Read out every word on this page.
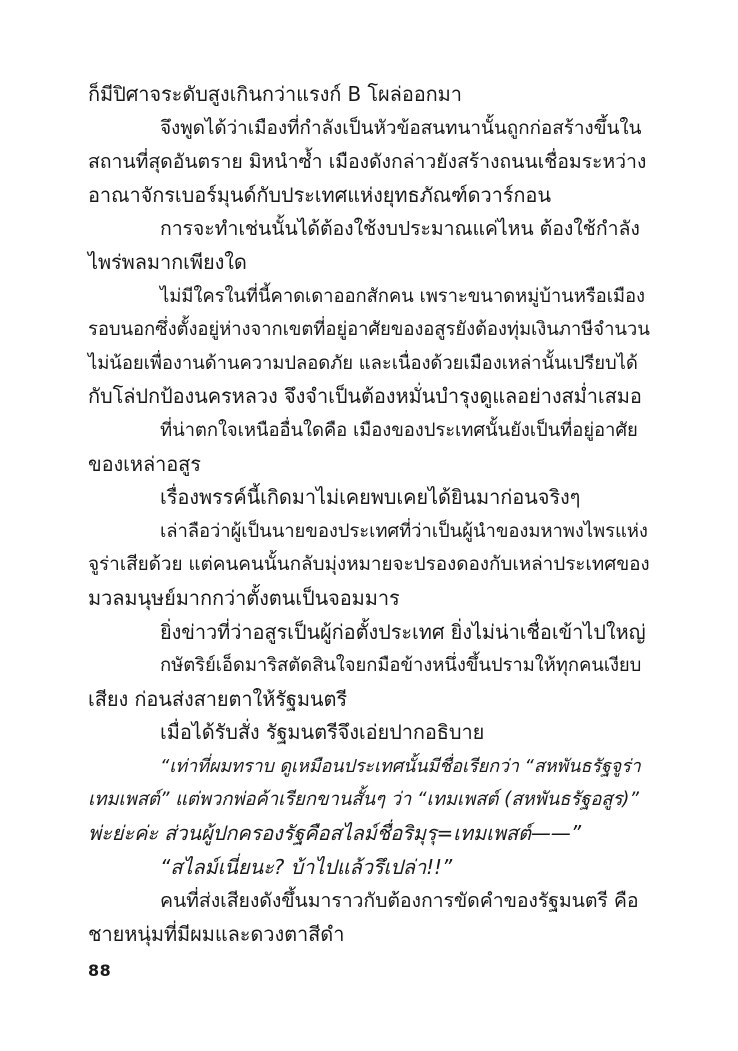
ก็มีปิศาจระดับสูงเกินกว่าแรงก์ B โผล่ออกมา
จึงพูดได้ว่าเมืองที่กำลังเป็นหัวข้อสนทนานั้นถูกก่อสร้างขึ้นใน
สถานที่สุดอันตราย มิหนำซ้ำ เมืองดังกล่าวยังสร้างถนนเชื่อมระหว่าง
อาณาจักรเบอร์มุนด์กับประเทศแห่งยุทธภัณฑ์ดวาร์กอน
การจะทำเช่นนั้นได้ต้องใช้งบประมาณแค่ไหน ต้องใช้กำลัง
ไพร่พลมากเพียงใด
ไม่มีใครในที่นี้คาดเดาออกสักคน เพราะขนาดหมู่บ้านหรือเมือง
รอบนอกซึ่งตั้งอยู่ห่างจากเขตที่อยู่อาศัยของอสูรยังต้องทุ่มเงินภาษีจำนวน
ไม่น้อยเพื่องานด้านความปลอดภัย และเนื่องด้วยเมืองเหล่านั้นเปรียบได้
กับโล่ปกป้องนครหลวง จึงจำเป็นต้องหมั่นบำรุงดูแลอย่างสม่ำเสมอ
ที่น่าตกใจเหนืออื่นใดคือ เมืองของประเทศนั้นยังเป็นที่อยู่อาศัย
ของเหล่าอสูร
เรื่องพรรค์นี้เกิดมาไม่เคยพบเคยได้ยินมาก่อนจริงๆ
เล่าลือว่าผู้เป็นนายของประเทศที่ว่าเป็นผู้นำของมหาพงไพรแห่ง
จูร่าเสียด้วย แต่คนคนนั้นกลับมุ่งหมายจะปรองดองกับเหล่าประเทศของ
มวลมนุษย์มากกว่าตั้งตนเป็นจอมมาร
ยิ่งข่าวที่ว่าอสูรเป็นผู้ก่อตั้งประเทศ ยิ่งไม่น่าเชื่อเข้าไปใหญ่
กษัตริย์เอ็ดมาริสตัดสินใจยกมือข้างหนึ่งขึ้นปรามให้ทุกคนเงียบ
เสียง ก่อนส่งสายตาให้รัฐมนตรี
เมื่อได้รับสั่ง รัฐมนตรีจึงเอ่ยปากอธิบาย
“เท่าที่ผมทราบ ดูเหมือนประเทศนั้นมีชื่อเรียกว่า “สหพันธรัฐจูร่า
เทมเพสต์” แต่พวกพ่อค้าเรียกขานสั้นๆ ว่า “เทมเพสต์ (สหพันธรัฐอสูร)”
พ่ะย่ะค่ะ ส่วนผู้ปกครองรัฐคือสไลม์ชื่อริมุรุ=เทมเพสต์——”
“สไลม์เนี่ยนะ? บ้าไปแล้วรึเปล่า!!”
คนที่ส่งเสียงดังขึ้นมาราวกับต้องการขัดคำของรัฐมนตรี คือ
ชายหนุ่มที่มีผมและดวงตาสีดำ
88
